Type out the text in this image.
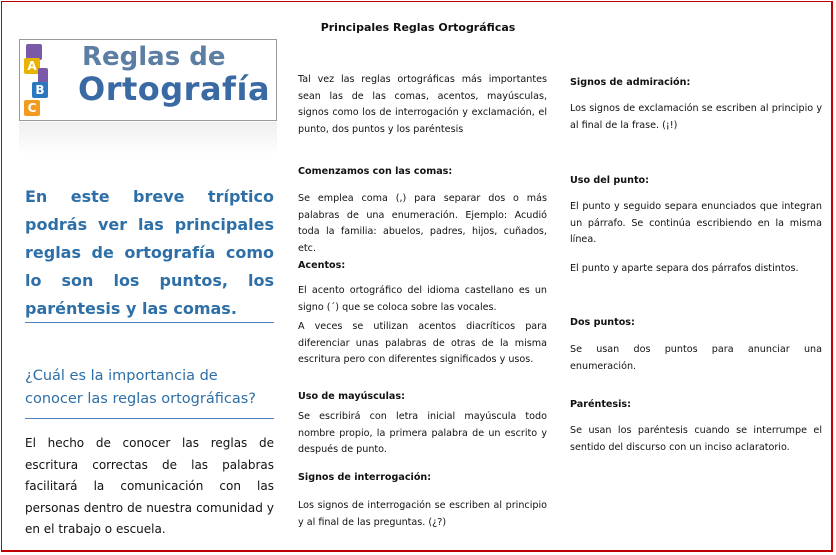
Principales Reglas Ortográficas
A
B
C
Reglas de
Ortografía
En este breve tríptico podrás ver las principales reglas de ortografía como lo son los puntos, los paréntesis y las comas.
¿Cuál es la importancia de conocer las reglas ortográficas?
El hecho de conocer las reglas de escritura correctas de las palabras facilitará la comunicación con las personas dentro de nuestra comunidad y en el trabajo o escuela.
Tal vez las reglas ortográficas más importantes sean las de las comas, acentos, mayúsculas, signos como los de interrogación y exclamación, el punto, dos puntos y los paréntesis
Comenzamos con las comas:
Se emplea coma (,) para separar dos o más palabras de una enumeración. Ejemplo: Acudió toda la familia: abuelos, padres, hijos, cuñados, etc.
Acentos:
El acento ortográfico del idioma castellano es un signo (´) que se coloca sobre las vocales.
A veces se utilizan acentos diacríticos para diferenciar unas palabras de otras de la misma escritura pero con diferentes significados y usos.
Uso de mayúsculas:
Se escribirá con letra inicial mayúscula todo nombre propio, la primera palabra de un escrito y después de punto.
Signos de interrogación:
Los signos de interrogación se escriben al principio y al final de las preguntas. (¿?)
Signos de admiración:
Los signos de exclamación se escriben al principio y al final de la frase. (¡!)
Uso del punto:
El punto y seguido separa enunciados que integran un párrafo. Se continúa escribiendo en la misma línea.
El punto y aparte separa dos párrafos distintos.
Dos puntos:
Se usan dos puntos para anunciar una enumeración.
Paréntesis:
Se usan los paréntesis cuando se interrumpe el sentido del discurso con un inciso aclaratorio.
